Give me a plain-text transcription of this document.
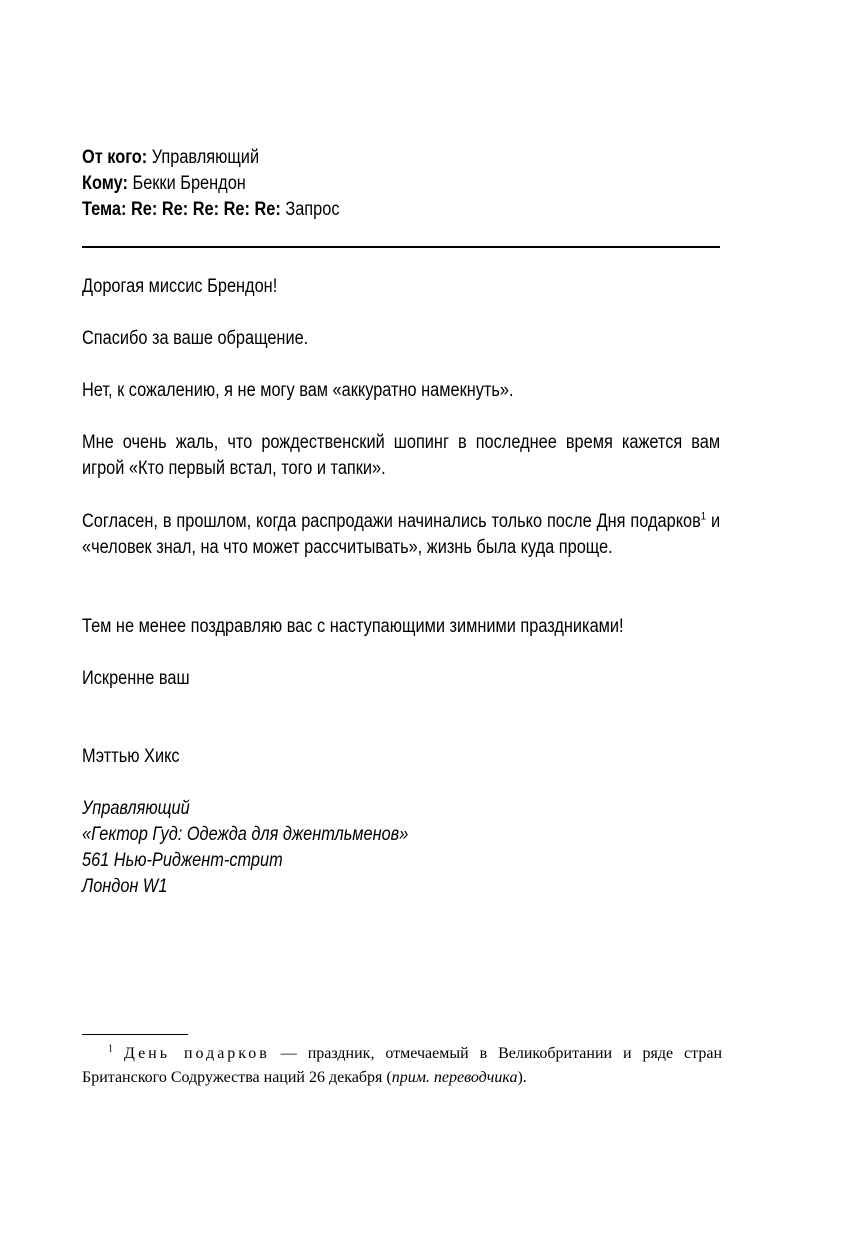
От кого: Управляющий
Кому: Бекки Брендон
Тема: Re: Re: Re: Re: Re: Запрос
Дорогая миссис Брендон!
Спасибо за ваше обращение.
Нет, к сожалению, я не могу вам «аккуратно намекнуть».
Мне очень жаль, что рождественский шопинг в последнее время кажется вам игрой «Кто первый встал, того и тапки».
Согласен, в прошлом, когда распродажи начинались только после Дня подарков$^1$ и «человек знал, на что может рассчитывать», жизнь была куда проще.
Тем не менее поздравляю вас с наступающими зимними праздниками!
Искренне ваш
Мэттью Хикс
Управляющий
«Гектор Гуд: Одежда для джентльменов»
561 Нью-Риджент-стрит
Лондон W1
$^1$ День подарков — праздник, отмечаемый в Великобритании и ряде стран Британского Содружества наций 26 декабря (прим. переводчика).
